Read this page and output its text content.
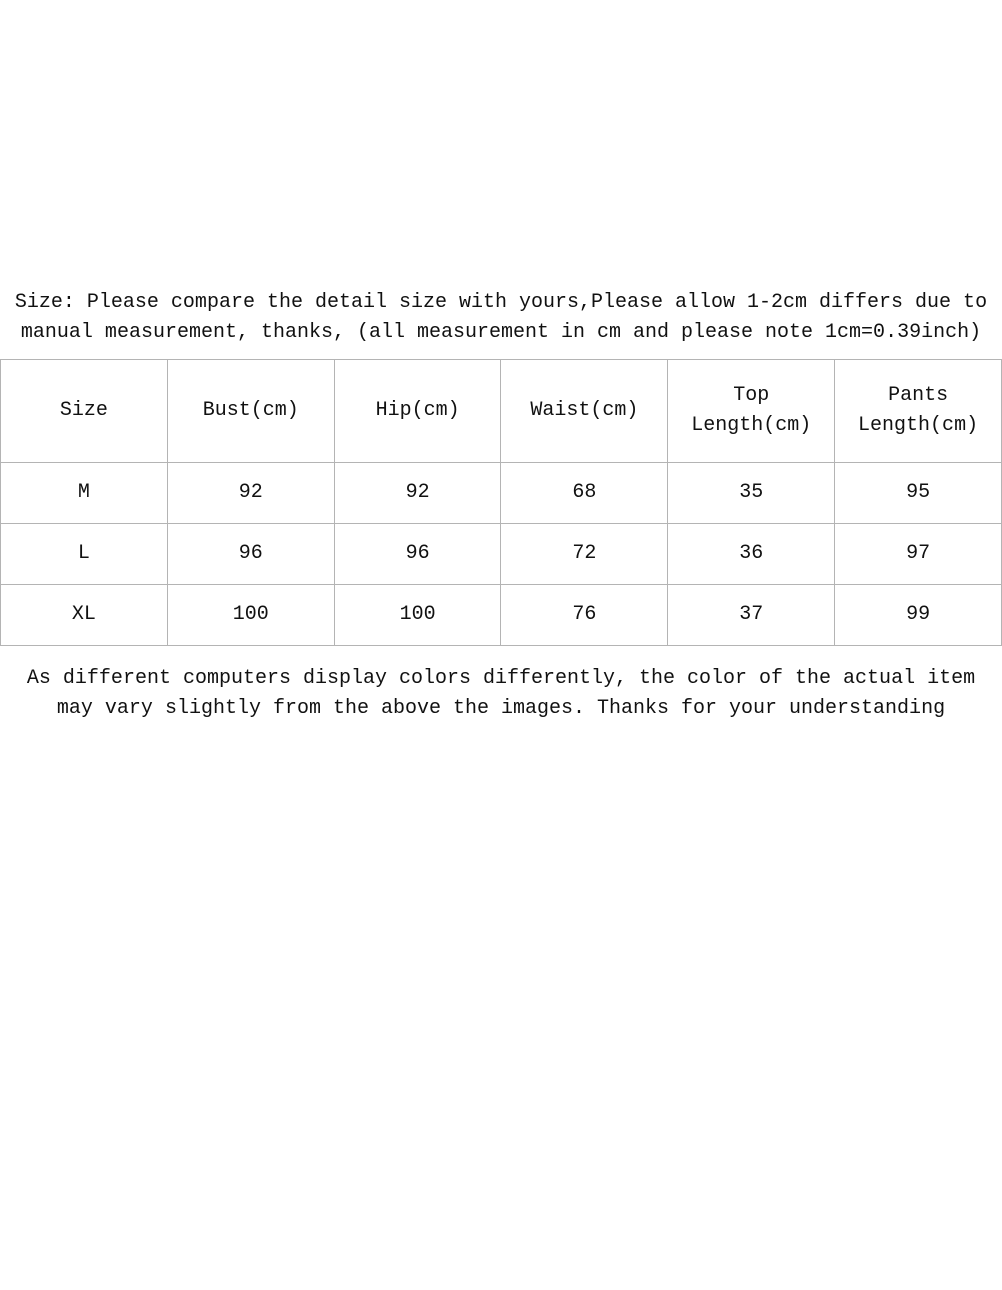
Size: Please compare the detail size with yours,Please allow 1-2cm differs due to
manual measurement, thanks, (all measurement in cm and please note 1cm=0.39inch)
Size	Bust(cm)	Hip(cm)	Waist(cm)	Top Length(cm)	Pants Length(cm)
M	92	92	68	35	95
L	96	96	72	36	97
XL	100	100	76	37	99
As different computers display colors differently, the color of the actual item
may vary slightly from the above the images. Thanks for your understanding
